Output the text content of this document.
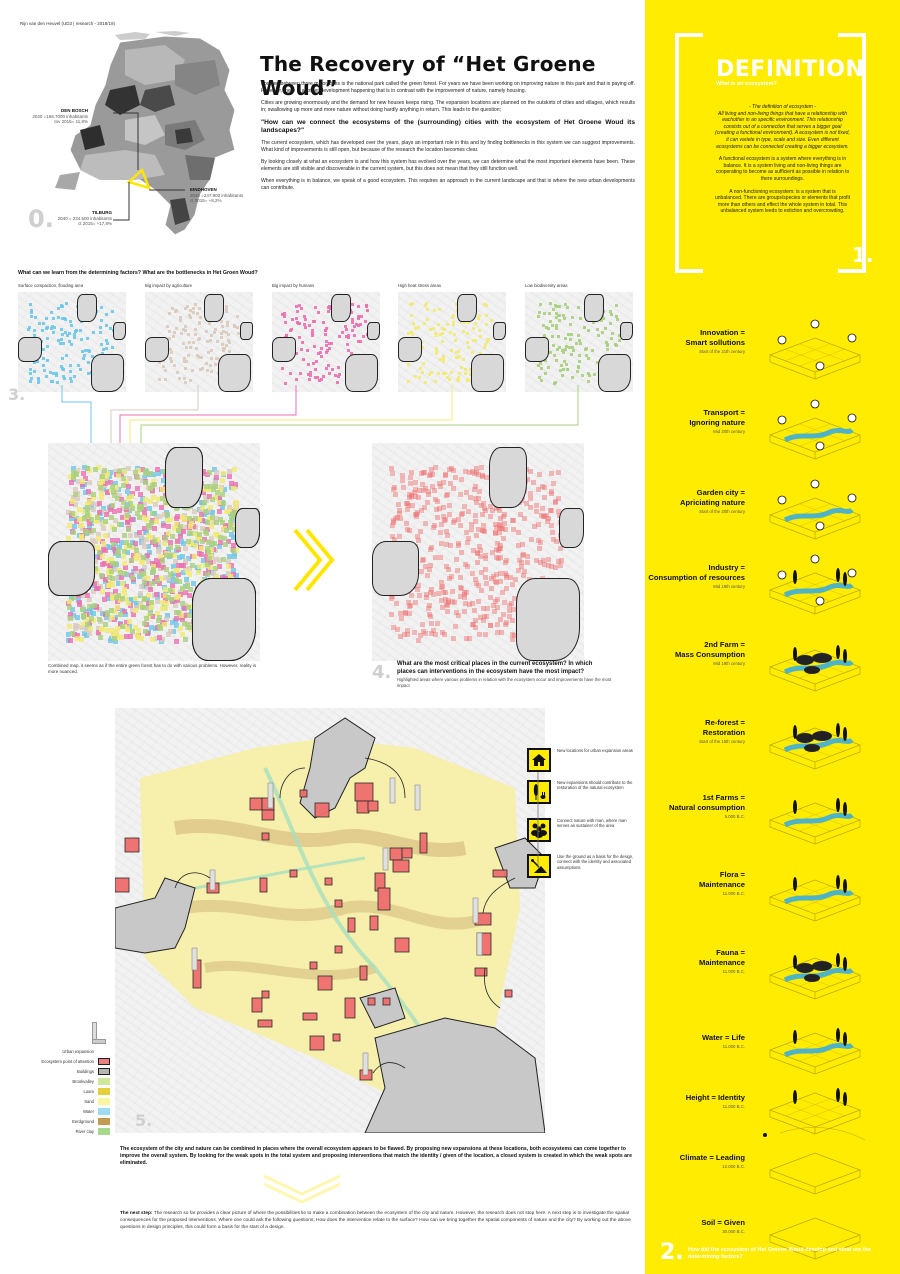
Rijn van den Heuvel (UD3 | research - 2018/19)
DEN BOSCH
2040 =168.7000 inhabitants
tov 2015= 11,8%
EINDHOVEN
2040 =247.900 inhabitants
ct 2015= +8,2%
TILBURG
2040 = 234.500 inhabitants
ct 2015= +17,8%
0.
The Recovery of “Het Groene Woud”

Located between three major cities is the national park called the green forest. For years we have been working on improving nature in this park and that is paying off. However, there is another development happening that is in contrast with the improvement of nature, namely housing.

Cities are growing enormously and the demand for new houses keeps rising. The expansion locations are planned on the outskirts of cities and villages, which results in; swallowing up more and more nature without doing hardly anything in return. This leads to the question;

"How can we connect the ecosystems of the (surrounding) cities with the ecosystem of Het Groene Woud its landscapes?"

The current ecosystem, which has developed over the years, plays an important role in this and by finding bottlenecks in this system we can suggest improvements. What kind of improvements is still open, but because of the research the location becomes clear.

By looking closely at what an ecosystem is and how this system has evolved over the years, we can determine what the most important elements have been. These elements are still visible and discoverable in the current system, but this does not mean that they still function well.

When everything is in balance, we speak of a good ecosystem. This requires an approach in the current landscape and that is where the new urban developments can contribute.

What can we learn from the determining factors? What are the bottlenecks in Het Groen Woud?
Surface compaction, flooding area	Big impact by agriculture	Big impact by humans	High heat stress areas	Low biodiversity areas
3.
Combined map, it seems as if the entire green forest has to do with various problems. However, reality is more nuanced.	4. What are the most critical places in the current ecosystem? In which places can interventions in the ecosystem have the most impact?
Highlighted areas where various problems in relation with the ecosystem occur and improvements have the most impact
5.
Urban expansion
Ecosystem point of attention
Buildings
Brookvalley
Loam
Sand
Water
Eerdground
River clay
New locations for urban expansion areas
New expansions should contribute to the restoration of the natural ecosystem
Connect nature with man, where man serves as sustainer of the area
Use the ground as a basis for the design, connect with the identity and associated assumptions
The ecosystem of the city and nature can be combined in places where the overall ecosystem appears to be flawed. By proposing new expansions at these locations, both ecosystems can come together to improve the overall system. By looking for the weak spots in the total system and proposing interventions that match the identity / given of the location, a closed system is created in which the weak spots are eliminated.
The next step: The research so far provides a clear picture of where the possibilities lie to make a combination between the ecosystem of the city and nature. However, the research does not stop here. A next step is to investigate the spatial consequences for the proposed interventions. Where one could ask the following questions; How does the intervention relate to the surface? How can we bring together the spatial components of nature and the city? By working out the above questions in design principles, this could form a basis for the start of a design.
DEFINITION
What is an ecosystem?

- The definition of ecosystem -
All living and non-living things that have a relationship with eachother in an specific environment. This relationship consists out of a connection that serves a bigger goal (creating a functional environment). A ecosystem is not fixed, it can variete in type, scale and size. Even different ecosystems can be connected creating a bigger ecosystem.

A functional ecosystem is a system where everything is in balance. It is a system living and non-living things are cooperating to become as sufficient as possible in relation to there surroundings.

A non-functioning ecosystem: is a system that is unbalanced. There are groups/species or elements that profit more than others and effect the whole system in total. This unbalanced system leeds to extiction and overcrowding.

1.
Innovation =
Smart sollutions
Start of the 21th century
Transport =
Ignoring nature
Mid 20th century
Garden city =
Apriciating nature
Start of the 20th century
Industry =
Consumption of resources
Mid 19th century
2nd Farm =
Mass Consumption
Mid 19th century
Re-forest =
Restoration
Start of the 15th century
1st Farms =
Natural consumption
5.000 B.C.
Flora =
Maintenance
11.000 B.C.
Fauna =
Maintenance
11.000 B.C.
Water = Life
11.000 B.C.
Height = Identity
11.000 B.C.
Climate = Leading
12.000 B.C.
Soil = Given
30.000 B.C.
2. How did the ecosystem of Het Groene Woud develop and what are the determining factors?
